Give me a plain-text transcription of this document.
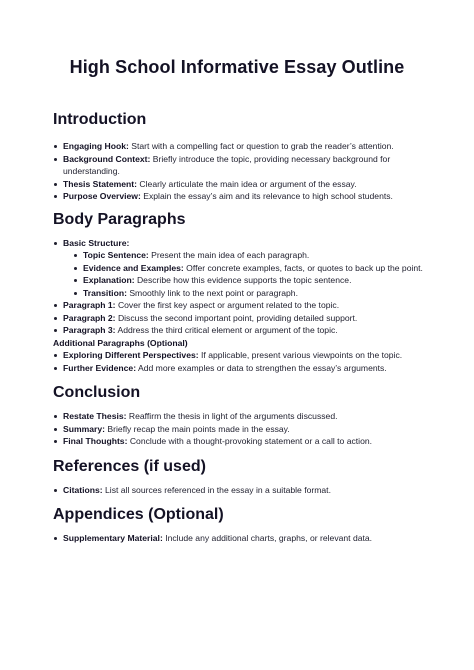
High School Informative Essay Outline
Introduction
Engaging Hook: Start with a compelling fact or question to grab the reader’s attention.
Background Context: Briefly introduce the topic, providing necessary background for understanding.
Thesis Statement: Clearly articulate the main idea or argument of the essay.
Purpose Overview: Explain the essay’s aim and its relevance to high school students.
Body Paragraphs
Basic Structure:
Topic Sentence: Present the main idea of each paragraph.
Evidence and Examples: Offer concrete examples, facts, or quotes to back up the point.
Explanation: Describe how this evidence supports the topic sentence.
Transition: Smoothly link to the next point or paragraph.
Paragraph 1: Cover the first key aspect or argument related to the topic.
Paragraph 2: Discuss the second important point, providing detailed support.
Paragraph 3: Address the third critical element or argument of the topic.

Additional Paragraphs (Optional)

Exploring Different Perspectives: If applicable, present various viewpoints on the topic.
Further Evidence: Add more examples or data to strengthen the essay’s arguments.
Conclusion
Restate Thesis: Reaffirm the thesis in light of the arguments discussed.
Summary: Briefly recap the main points made in the essay.
Final Thoughts: Conclude with a thought-provoking statement or a call to action.
References (if used)
Citations: List all sources referenced in the essay in a suitable format.
Appendices (Optional)
Supplementary Material: Include any additional charts, graphs, or relevant data.
